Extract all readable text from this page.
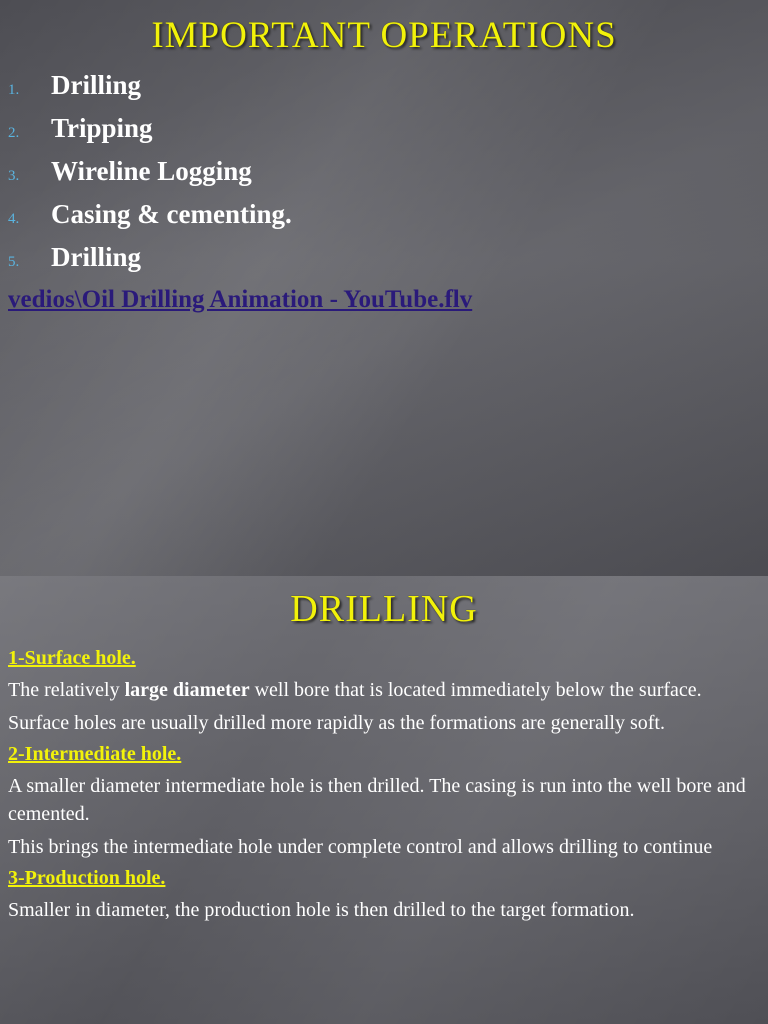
IMPORTANT OPERATIONS
1.	Drilling
2.	Tripping
3.	Wireline Logging
4.	Casing & cementing.
5.	Drilling
vedios\Oil Drilling Animation - YouTube.flv
DRILLING

1-Surface hole.

The relatively large diameter well bore that is located immediately below the surface.

Surface holes are usually drilled more rapidly as the formations are generally soft.

2-Intermediate hole.

A smaller diameter intermediate hole is then drilled. The casing is run into the well bore and cemented.

This brings the intermediate hole under complete control and allows drilling to continue

3-Production hole.

Smaller in diameter, the production hole is then drilled to the target formation.
